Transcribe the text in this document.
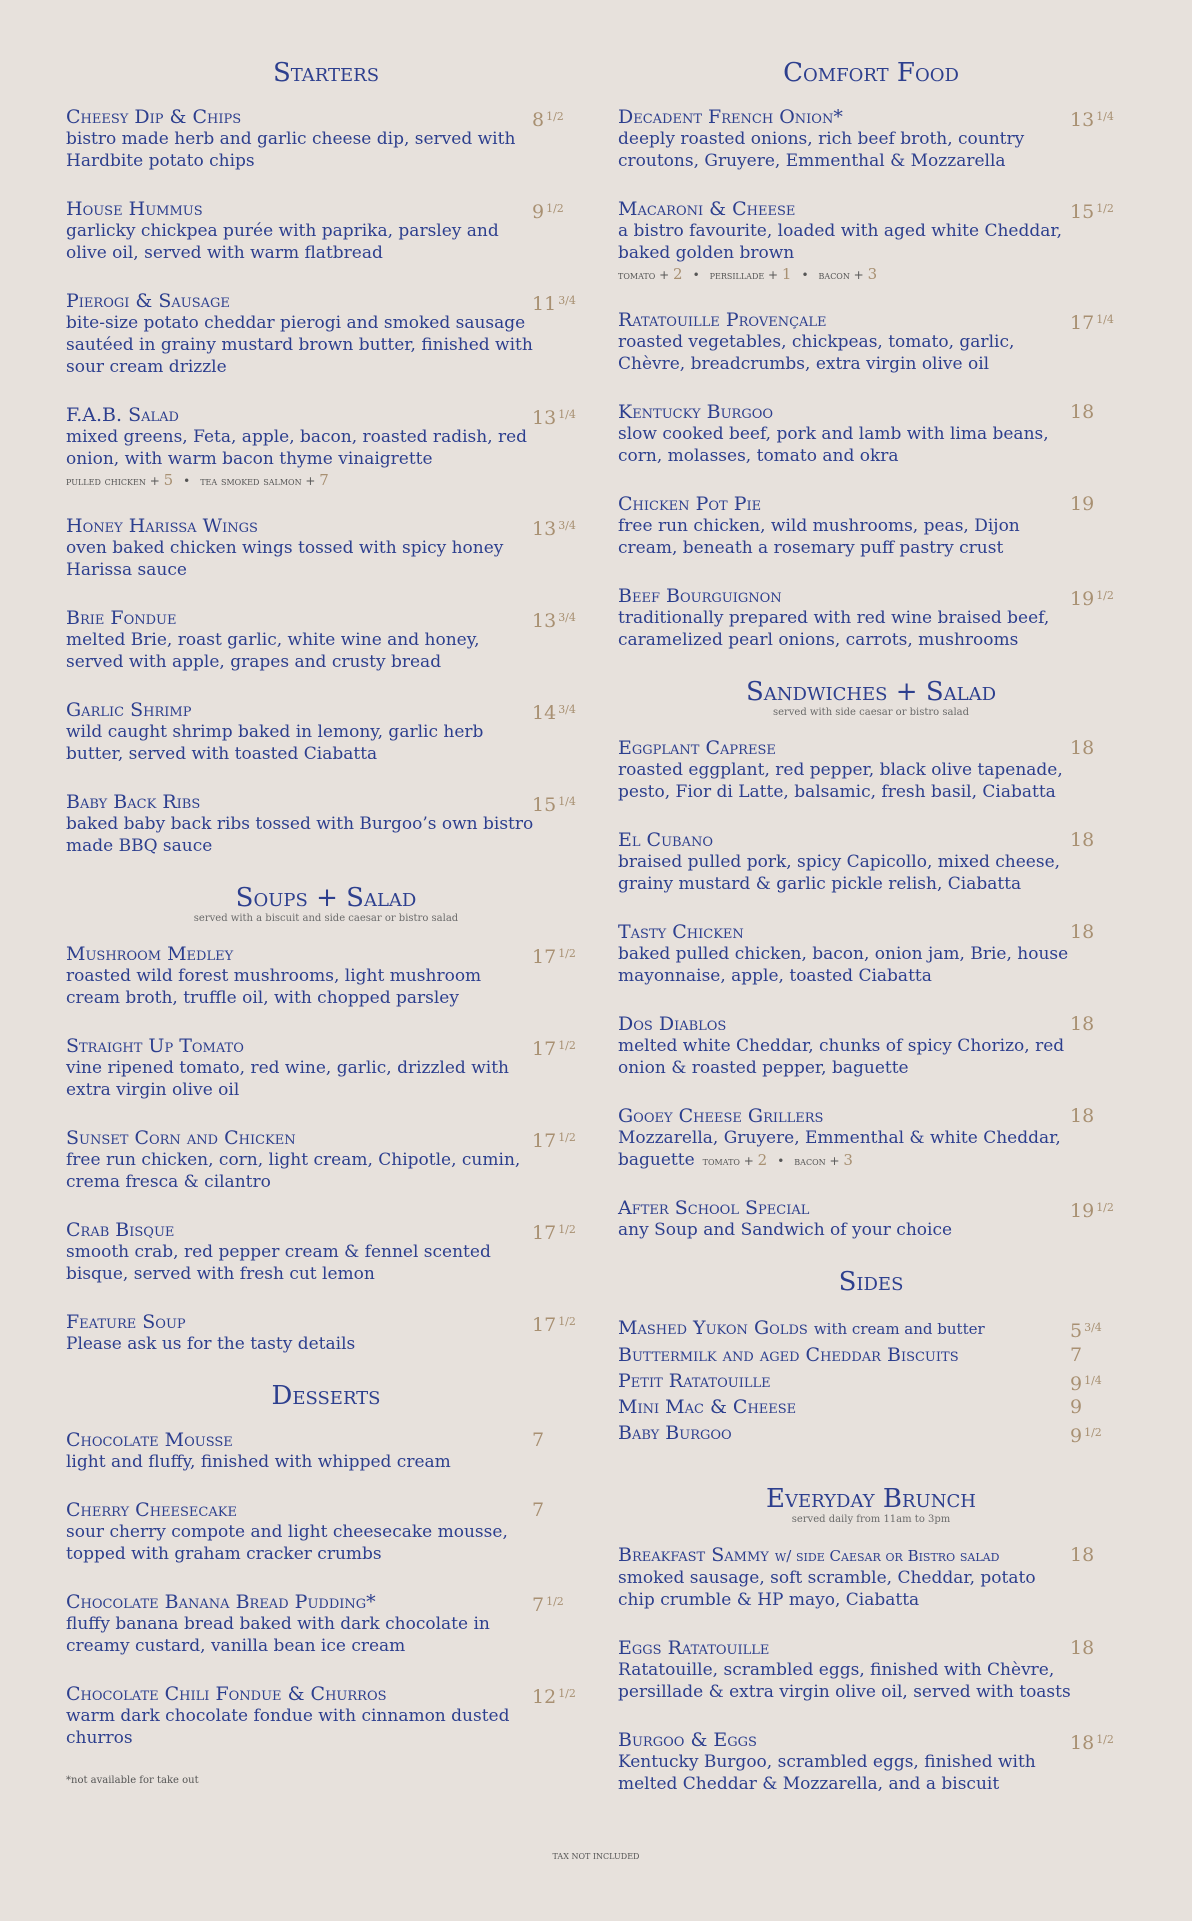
Starters
Cheesy Dip & Chips	8 $^{1/2}$
bistro made herb and garlic cheese dip, served with Hardbite potato chips
House Hummus	9 $^{1/2}$
garlicky chickpea purée with paprika, parsley and olive oil, served with warm flatbread
Pierogi & Sausage	11 $^{3/4}$
bite-size potato cheddar pierogi and smoked sausage sautéed in grainy mustard brown butter, finished with sour cream drizzle
F.A.B. Salad	13 $^{1/4}$
mixed greens, Feta, apple, bacon, roasted radish, red onion, with warm bacon thyme vinaigrette
pulled chicken + 5 • tea smoked salmon + 7
Honey Harissa Wings	13 $^{3/4}$
oven baked chicken wings tossed with spicy honey Harissa sauce
Brie Fondue	13 $^{3/4}$
melted Brie, roast garlic, white wine and honey, served with apple, grapes and crusty bread
Garlic Shrimp	14 $^{3/4}$
wild caught shrimp baked in lemony, garlic herb butter, served with toasted Ciabatta
Baby Back Ribs	15 $^{1/4}$
baked baby back ribs tossed with Burgoo’s own bistro made BBQ sauce
Soups + Salad
served with a biscuit and side caesar or bistro salad
Mushroom Medley	17 $^{1/2}$
roasted wild forest mushrooms, light mushroom cream broth, truffle oil, with chopped parsley
Straight Up Tomato	17 $^{1/2}$
vine ripened tomato, red wine, garlic, drizzled with extra virgin olive oil
Sunset Corn and Chicken	17 $^{1/2}$
free run chicken, corn, light cream, Chipotle, cumin, crema fresca & cilantro
Crab Bisque	17 $^{1/2}$
smooth crab, red pepper cream & fennel scented bisque, served with fresh cut lemon
Feature Soup	17 $^{1/2}$
Please ask us for the tasty details
Desserts
Chocolate Mousse	7
light and fluffy, finished with whipped cream
Cherry Cheesecake	7
sour cherry compote and light cheesecake mousse, topped with graham cracker crumbs
Chocolate Banana Bread Pudding*	7 $^{1/2}$
fluffy banana bread baked with dark chocolate in creamy custard, vanilla bean ice cream
Chocolate Chili Fondue & Churros	12 $^{1/2}$
warm dark chocolate fondue with cinnamon dusted churros
*not available for take out
Comfort Food
Decadent French Onion*	13 $^{1/4}$
deeply roasted onions, rich beef broth, country croutons, Gruyere, Emmenthal & Mozzarella
Macaroni & Cheese	15 $^{1/2}$
a bistro favourite, loaded with aged white Cheddar, baked golden brown
tomato + 2 • persillade + 1 • bacon + 3
Ratatouille Provençale	17 $^{1/4}$
roasted vegetables, chickpeas, tomato, garlic, Chèvre, breadcrumbs, extra virgin olive oil
Kentucky Burgoo	18
slow cooked beef, pork and lamb with lima beans, corn, molasses, tomato and okra
Chicken Pot Pie	19
free run chicken, wild mushrooms, peas, Dijon cream, beneath a rosemary puff pastry crust
Beef Bourguignon	19 $^{1/2}$
traditionally prepared with red wine braised beef, caramelized pearl onions, carrots, mushrooms
Sandwiches + Salad
served with side caesar or bistro salad
Eggplant Caprese	18
roasted eggplant, red pepper, black olive tapenade, pesto, Fior di Latte, balsamic, fresh basil, Ciabatta
El Cubano	18
braised pulled pork, spicy Capicollo, mixed cheese, grainy mustard & garlic pickle relish, Ciabatta
Tasty Chicken	18
baked pulled chicken, bacon, onion jam, Brie, house mayonnaise, apple, toasted Ciabatta
Dos Diablos	18
melted white Cheddar, chunks of spicy Chorizo, red onion & roasted pepper, baguette
Gooey Cheese Grillers	18
Mozzarella, Gruyere, Emmenthal & white Cheddar, baguette tomato + 2 • bacon + 3
After School Special	19 $^{1/2}$
any Soup and Sandwich of your choice
Sides
Mashed Yukon Golds with cream and butter	5 $^{3/4}$
Buttermilk and aged Cheddar Biscuits	7
Petit Ratatouille	9 $^{1/4}$
Mini Mac & Cheese	9
Baby Burgoo	9 $^{1/2}$
Everyday Brunch
served daily from 11am to 3pm
Breakfast Sammy w/ side Caesar or Bistro salad	18
smoked sausage, soft scramble, Cheddar, potato chip crumble & HP mayo, Ciabatta
Eggs Ratatouille	18
Ratatouille, scrambled eggs, finished with Chèvre, persillade & extra virgin olive oil, served with toasts
Burgoo & Eggs	18 $^{1/2}$
Kentucky Burgoo, scrambled eggs, finished with melted Cheddar & Mozzarella, and a biscuit
TAX NOT INCLUDED
